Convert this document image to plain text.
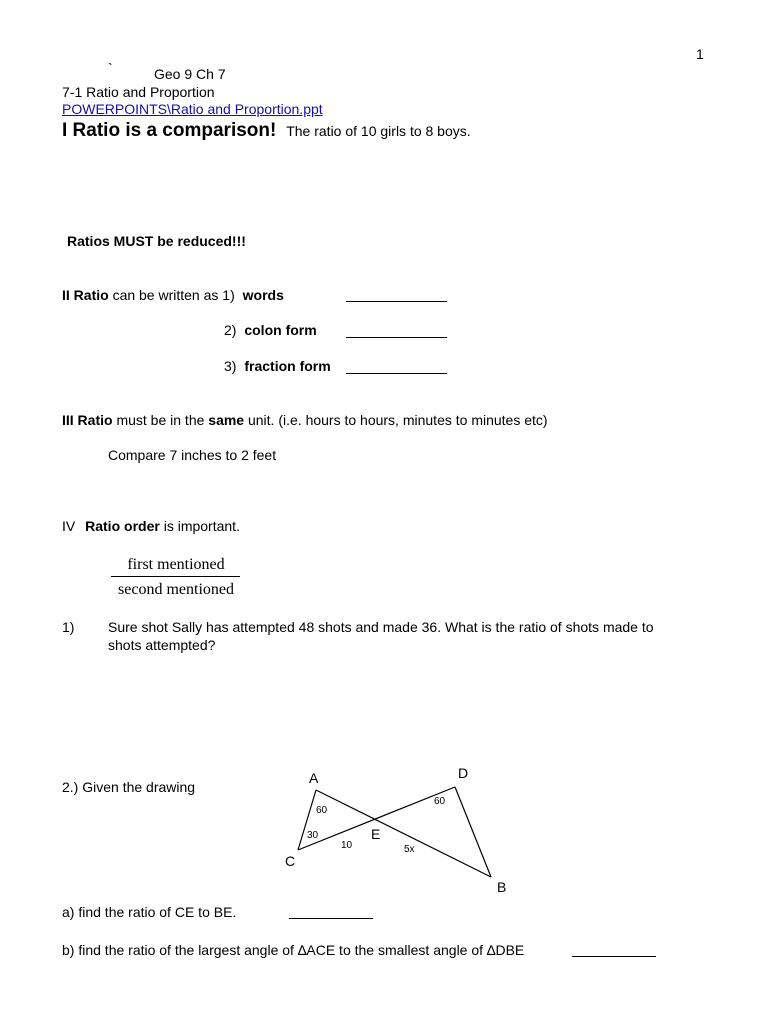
1
`	Geo 9 Ch 7
7-1 Ratio and Proportion
POWERPOINTS\Ratio and Proportion.ppt
I Ratio is a comparison! The ratio of 10 girls to 8 boys.
Ratios MUST be reduced!!!
II Ratio can be written as 1) words
2) colon form
3) fraction form
III Ratio must be in the same unit. (i.e. hours to hours, minutes to minutes etc)
Compare 7 inches to 2 feet
IV Ratio order is important.
first mentioned
second mentioned
1) Sure shot Sally has attempted 48 shots and made 36. What is the ratio of shots made to
shots attempted?
2.) Given the drawing
A	D
E
C
B
60
30
60
10	5x
a) find the ratio of CE to BE.
b) find the ratio of the largest angle of ∆ACE to the smallest angle of ∆DBE
